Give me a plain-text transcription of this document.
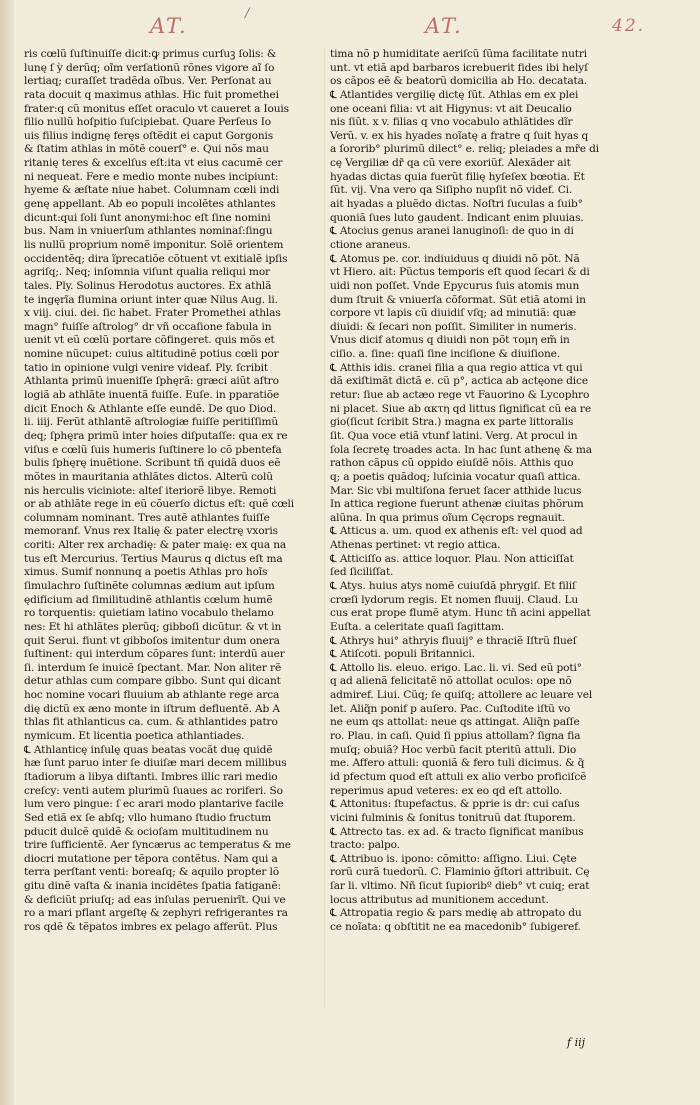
/
AT.	AT.	42.
ris cœlũ ſuſtinuiſſe dicit:ꝙ primus curſuꝫ ſolis: &
lunę ſ ỳ derũq; oĩm verſationũ rõnes vigore aĩ ſo
lertiaq; curaſſet tradẽda oĩbus. Ver. Perſonat au
rata docuit q maximus athlas. Hic fuit promethei
frater:q cũ monitus eſſet oraculo vt caueret a Iouis
filio nullũ hoſpitio ſuſcipiebat. Quare Perſeus Io
uis filius indignę feręs oſtẽdit ei caput Gorgonis
& ſtatim athlas in mõtẽ couerſ° e. Qui nõs mau
ritanię teres & excelſus eſt:ita vt eius cacumẽ cer
ni nequeat. Fere e medio monte nubes incipiunt:
hyeme & æſtate niue habet. Columnam cœli indi
genę appellant. Ab eo populi incolẽtes athlantes
dicunt:qui ſoli ſunt anonymi:hoc eſt ſine nomini
bus. Nam in vniuerſum athlantes nominaſ:ſingu
lis nullũ proprium nomẽ imponitur. Solẽ orientem
occidentẽq; dira ĩprecatiõe cõtuent vt exitialẽ ipſis
agriſq;. Neq; inſomnia viſunt qualia reliqui mor
tales. Ply. Solinus Herodotus auctores. Ex athlã
te ingęrĩa flumina oriunt inter quæ Nilus Aug. li.
x viij. ciui. dei. ſic habet. Frater Promethei athlas
magn° fuiſſe aſtrolog° dr vñ occaſione fabula in
uenit vt eũ cœlũ portare cõfingeret. quis mõs et
nomine nũcupet: cuius altitudinẽ potius cœli por
tatio in opinione vulgi venire videaf. Ply. ſcribit
Athlanta primũ inueniſſe ſphęrã: græci aiũt aſtro
logiã ab athlãte inuentã fuiſſe. Euſe. in pparatiõe
dicit Enoch & Athlante eſſe eundẽ. De quo Diod.
li. iiij. Ferũt athlantẽ aſtrologiæ fuiſſe peritiſſimũ
deq; ſphęra primũ inter hoies diſputaſſe: qua ex re
viſus e cœlũ ſuis humeris ſuſtinere lo cõ pbentefa
bulis ſphęrę inuẽtione. Scribunt tñ quidã duos eẽ
mõtes in mauritania athlãtes dictos. Alterũ colũ
nis herculis viciniote: alteſ iteriorẽ libye. Remoti
or ab athlãte rege in eũ cõuerſo dictus eſt: quẽ cœli
columnam nominant. Tres autẽ athlantes fuiſſe
memoranf. Vnus rex Italię & pater electrę vxoris
coriti: Alter rex archadię: & pater maię: ex qua na
tus eſt Mercurius. Tertius Maurus q dictus eſt ma
ximus. Sumif nonnunq a poetis Athlas pro hoĩs
ſimulachro ſuſtinẽte columnas ædium aut ipſum
ędificium ad ſimilitudinẽ athlantis cœlum humẽ
ro torquentis: quietiam latino vocabulo thelamo
nes: Et hi athlãtes plerũq; gibboſi dicũtur. & vt in
quit Serui. fiunt vt gibboſos imitentur dum onera
ſuſtinent: qui interdum cõpares ſunt: interdũ auer
ſi. interdum ſe inuicẽ ſpectant. Mar. Non aliter rẽ
detur athlas cum compare gibbo. Sunt qui dicant
hoc nomine vocari fluuium ab athlante rege arca
dię dictũ ex æno monte in iſtrum defluentẽ. Ab A
thlas fit athlanticus ca. cum. & athlantides patro
nymicum. Et licentia poetica athlantiades.
℄ Athlanticę inſulę quas beatas vocãt duę quidẽ
hæ ſunt paruo inter ſe diuiſæ mari decem millibus
ſtadiorum a libya diſtanti. Imbres illic rari medio
creſcy: venti autem plurimũ ſuaues ac roriferi. So
lum vero pingue: ſ ec arari modo plantarive facile
Sed etiã ex ſe abſq; vllo humano ſtudio fructum
pducit dulcẽ quidẽ & ocioſam multitudinem nu
trire ſufficientẽ. Aer ſyncærus ac temperatus & me
diocri mutatione per tẽpora contẽtus. Nam qui a
terra perſtant venti: boreaſq; & aquilo propter lõ
gitu dinẽ vaſta & inania incidẽtes ſpatia fatiganẽ:
& deficiũt priuſq; ad eas inſulas peruenirĩt. Qui ve
ro a mari pflant argeſtę & zephyri refrigerantes ra
ros qdẽ & tẽpatos imbres ex pelago afferũt. Plus
tima nõ p humiditate aeriſcũ ſũma facilitate nutri
unt. vt etiã apd barbaros icrebuerit fides ibi helyſ
os cãpos eẽ & beatorũ domicilia ab Ho. decatata.
℄ Atlantides vergilię dictę ſũt. Athlas em ex plei
one oceani filia: vt ait Higynus: vt ait Deucalio
nis ſiũt. x v. filias q vno vocabulo athlãtides dĩr
Verũ. v. ex his hyades noĩatę a fratre q ſuit hyas q
a ſororib° plurimũ dilect° e. reliq; pleiades a mr̃e di
cę Vergiliæ dr̃ qa cũ vere exoriũf. Alexãder ait
hyadas dictas quia fuerũt filię hyſeſex bœotia. Et
ſũt. vij. Vna vero qa Siſipho nupſit nõ videf. Ci.
ait hyadas a pluẽdo dictas. Noſtri ſuculas a ſuib°
quoniã ſues luto gaudent. Indicant enim pluuias.
℄ Atocius genus aranei lanuginoſi: de quo in di
ctione araneus.
℄ Atomus pe. cor. indiuiduus q diuidi nõ põt. Nã
vt Hiero. ait: Pũctus temporis eſt quod ſecari & di
uidi non poſſet. Vnde Epycurus ſuis atomis mun
dum ſtruit & vniuerſa cõformat. Sũt etiã atomi in
corpore vt lapis cũ diuidiſ vſq; ad minutiã: quæ
diuidi: & ſecari non poſſit. Similiter in numeris.
Vnus dicif atomus q diuidi non põt τομη em̃ in
ciſio. a. ſine: quaſi ſine inciſione & diuiſione.
℄ Atthis idis. cranei filia a qua regio attica vt qui
dã exiſtimãt dictã e. cũ p°, actica ab actęone dice
retur: ſiue ab actæo rege vt Fauorino & Lycophro
ni placet. Siue ab ακτη qd littus ſignificat cũ ea re
gio(ſicut ſcribit Stra.) magna ex parte littoralis
ſit. Qua voce etiã vtunf latini. Verg. At procul in
ſola ſecretę troades acta. In hac ſunt athenę & ma
rathon cãpus cũ oppido eiuſdẽ nõis. Atthis quo
q; a poetis quãdoq; luſcinia vocatur quaſi attica.
Mar. Sic vbi multiſona feruet ſacer atthide lucus
In attica regione fuerunt athenæ ciuitas phõrum
alũna. In qua primus oĩum Cęcrops regnauit.
℄ Atticus a. um. quod ex athenis eſt: vel quod ad
Athenas pertinet: vt regio attica.
℄ Atticiſſo as. attice loquor. Plau. Non atticiſſat
ſed ſiciliſſat.
℄ Atys. huius atys nomẽ cuiuſdã phrygiſ. Et filiſ
crœſi lydorum regis. Et nomen fluuij. Claud. Lu
cus erat prope flumẽ atym. Hunc tñ acini appellat
Euſta. a celeritate quaſi ſagittam.
℄ Athrys hui° athryis fluuij° e thraciẽ Iſtrũ flueſ
℄ Atiſcoti. populi Britannici.
℄ Attollo lis. eleuo. erigo. Lac. li. vi. Sed eũ poti°
q ad alienã felicitatẽ nõ attollat oculos: ope nõ
admiref. Liui. Cũq; ſe quiſq; attollere ac leuare vel
let. Aliq̃n ponif p auſero. Pac. Cuſtodite iſtũ vo
ne eum qs attollat: neue qs attingat. Aliq̃n paſſe
ro. Plau. in caſi. Quid ſi ppius attollam? ſigna fia
muſq; obuiã? Hoc verbũ facit pteritũ attuli. Dio
me. Affero attuli: quoniã & fero tuli dicimus. & q̃
id pfectum quod eſt attuli ex alio verbo proficiſcẽ
reperimus apud veteres: ex eo qd eſt attollo.
℄ Attonitus: ſtupefactus. & pprie is dr: cui caſus
vicini fulminis & ſonitus tonitruũ dat ſtuporem.
℄ Attrecto tas. ex ad. & tracto ſignificat manibus
tracto: palpo.
℄ Attribuo is. ipono: cõmitto: aſſigno. Liui. Cęte
rorũ curã tuedorũ. C. Flaminio ğſtori attribuit. Cę
ſar li. vltimo. Nñ ſicut ſupioribº dieb° vt cuiq; erat
locus attributus ad munitionem accedunt.
℄ Attropatia regio & pars medię ab attropato du
ce noĩata: q obſtitit ne ea macedonib° ſubigeref.
f iij
